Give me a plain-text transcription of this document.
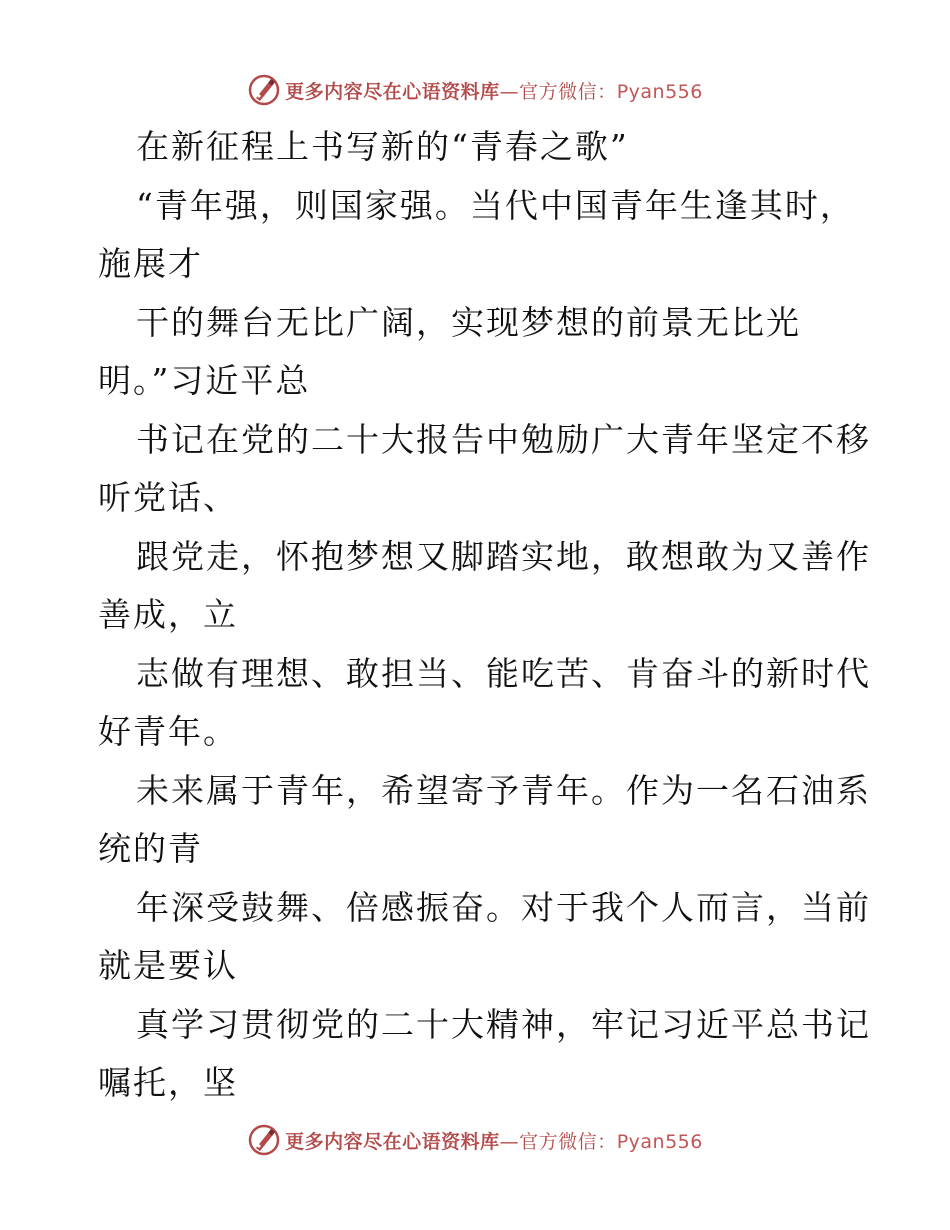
更多内容尽在心语资料库—官方微信：Pyan556
在新征程上书写新的“青春之歌”
“青年强，则国家强。当代中国青年生逢其时，
施展才
干的舞台无比广阔，实现梦想的前景无比光
明。”习近平总
书记在党的二十大报告中勉励广大青年坚定不移
听党话、
跟党走，怀抱梦想又脚踏实地，敢想敢为又善作
善成，立
志做有理想、敢担当、能吃苦、肯奋斗的新时代
好青年。
未来属于青年，希望寄予青年。作为一名石油系
统的青
年深受鼓舞、倍感振奋。对于我个人而言，当前
就是要认
真学习贯彻党的二十大精神，牢记习近平总书记
嘱托，坚
更多内容尽在心语资料库—官方微信：Pyan556
